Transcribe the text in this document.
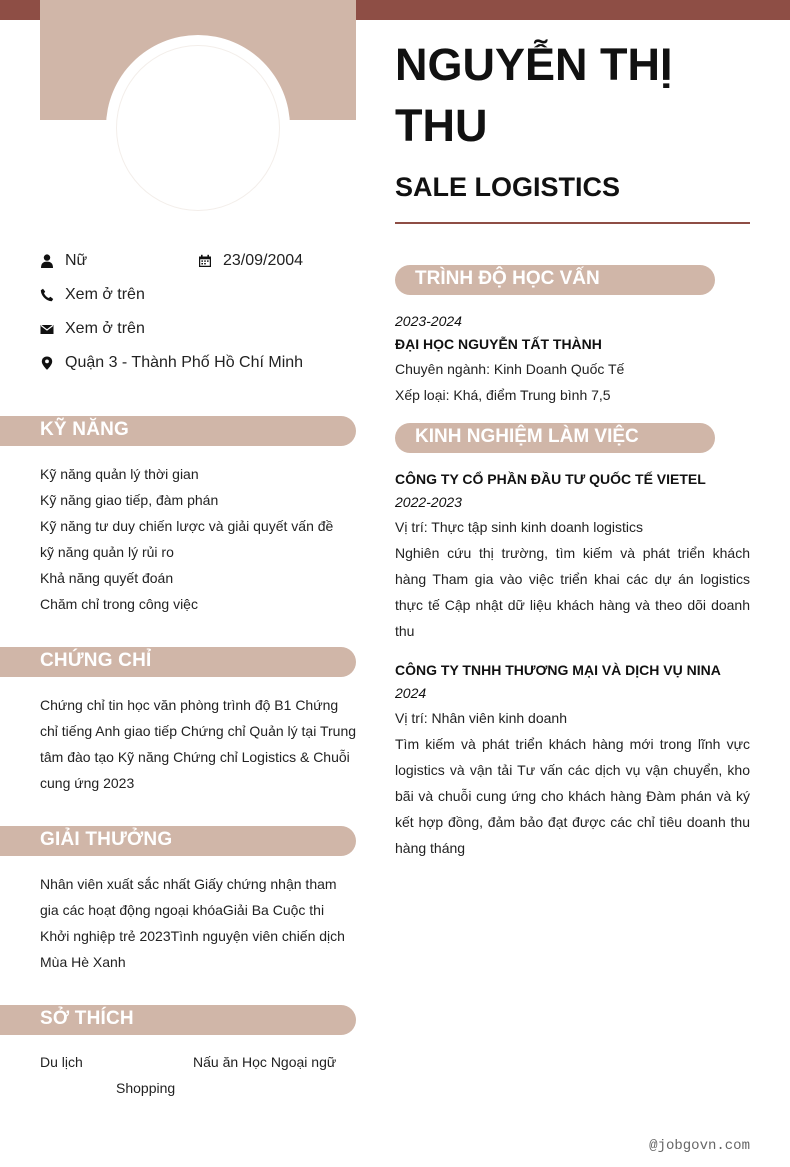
NGUYỄN THỊ THU
SALE LOGISTICS
Nữ	23/09/2004
Xem ở trên
Xem ở trên
Quận 3 - Thành Phố Hồ Chí Minh
KỸ NĂNG
Kỹ năng quản lý thời gian
Kỹ năng giao tiếp, đàm phán
Kỹ năng tư duy chiến lược và giải quyết vấn đề
kỹ năng quản lý rủi ro
Khả năng quyết đoán
Chăm chỉ trong công việc
CHỨNG CHỈ

Chứng chỉ tin học văn phòng trình độ B1 Chứng chỉ tiếng Anh giao tiếp Chứng chỉ Quản lý tại Trung tâm đào tạo Kỹ năng Chứng chỉ Logistics & Chuỗi cung ứng 2023

GIẢI THƯỞNG

Nhân viên xuất sắc nhất Giấy chứng nhận tham gia các hoạt động ngoại khóaGiải Ba Cuộc thi Khởi nghiệp trẻ 2023Tình nguyện viên chiến dịch Mùa Hè Xanh

SỞ THÍCH
Du lịch	Nấu ăn Học Ngoại ngữ
Shopping
TRÌNH ĐỘ HỌC VẤN
2023-2024
ĐẠI HỌC NGUYỄN TẤT THÀNH
Chuyên ngành: Kinh Doanh Quốc Tế
Xếp loại: Khá, điểm Trung bình 7,5
KINH NGHIỆM LÀM VIỆC
CÔNG TY CỔ PHẦN ĐẦU TƯ QUỐC TẾ VIETEL
2022-2023
Vị trí: Thực tập sinh kinh doanh logistics

Nghiên cứu thị trường, tìm kiếm và phát triển khách hàng Tham gia vào việc triển khai các dự án logistics thực tế Cập nhật dữ liệu khách hàng và theo dõi doanh thu

CÔNG TY TNHH THƯƠNG MẠI VÀ DỊCH VỤ NINA
2024
Vị trí: Nhân viên kinh doanh

Tìm kiếm và phát triển khách hàng mới trong lĩnh vực logistics và vận tải Tư vấn các dịch vụ vận chuyển, kho bãi và chuỗi cung ứng cho khách hàng Đàm phán và ký kết hợp đồng, đảm bảo đạt được các chỉ tiêu doanh thu hàng tháng

@jobgovn.com
